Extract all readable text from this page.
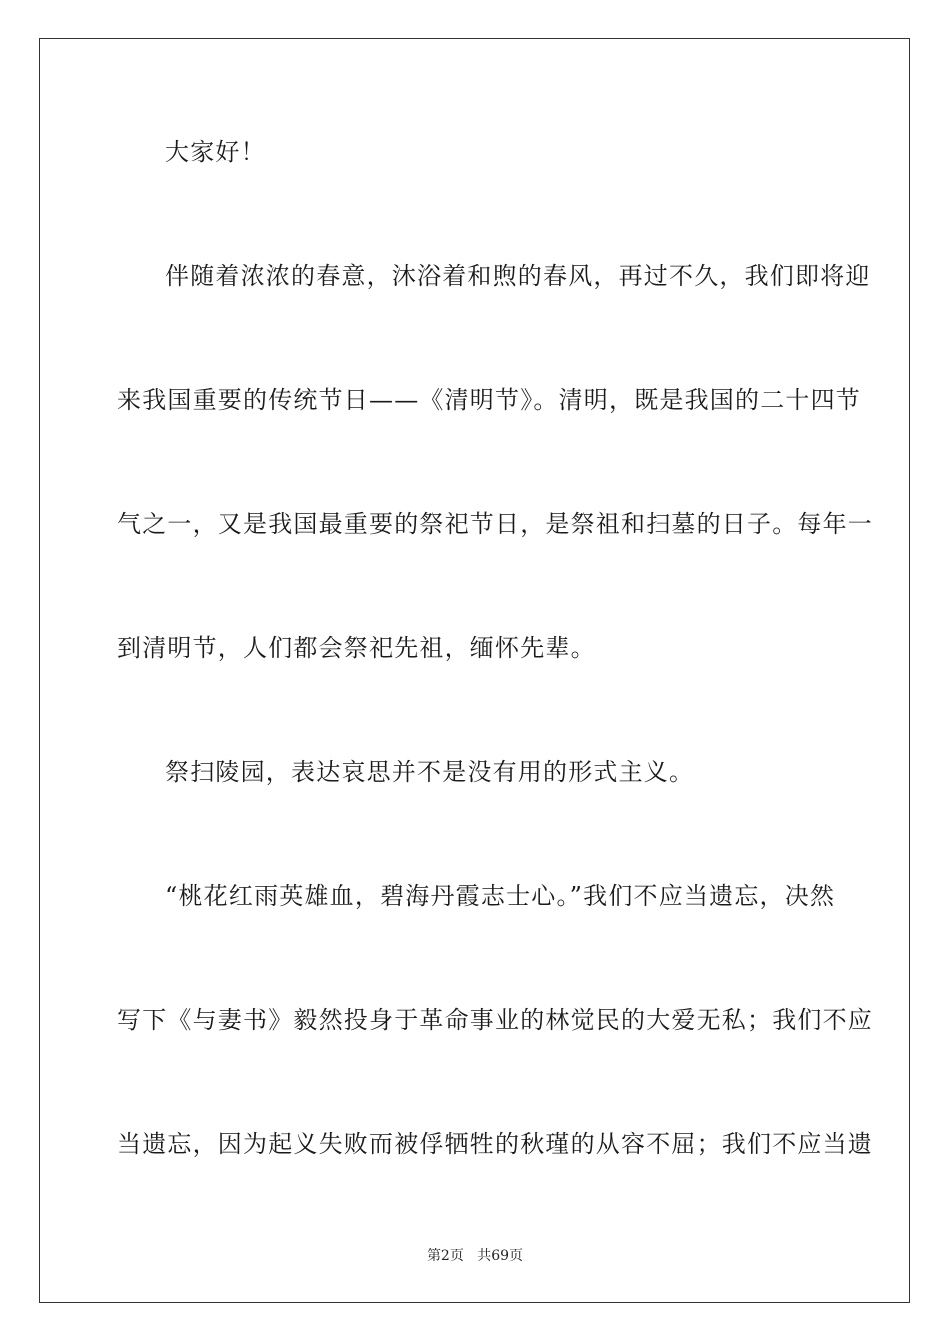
大家好！
伴随着浓浓的春意，沐浴着和煦的春风，再过不久，我们即将迎
来我国重要的传统节日——《清明节》。清明，既是我国的二十四节
气之一，又是我国最重要的祭祀节日，是祭祖和扫墓的日子。每年一
到清明节，人们都会祭祀先祖，缅怀先辈。
祭扫陵园，表达哀思并不是没有用的形式主义。
“桃花红雨英雄血，碧海丹霞志士心。”我们不应当遗忘，决然
写下《与妻书》毅然投身于革命事业的林觉民的大爱无私；我们不应
当遗忘，因为起义失败而被俘牺牲的秋瑾的从容不屈；我们不应当遗
第2页 共69页
